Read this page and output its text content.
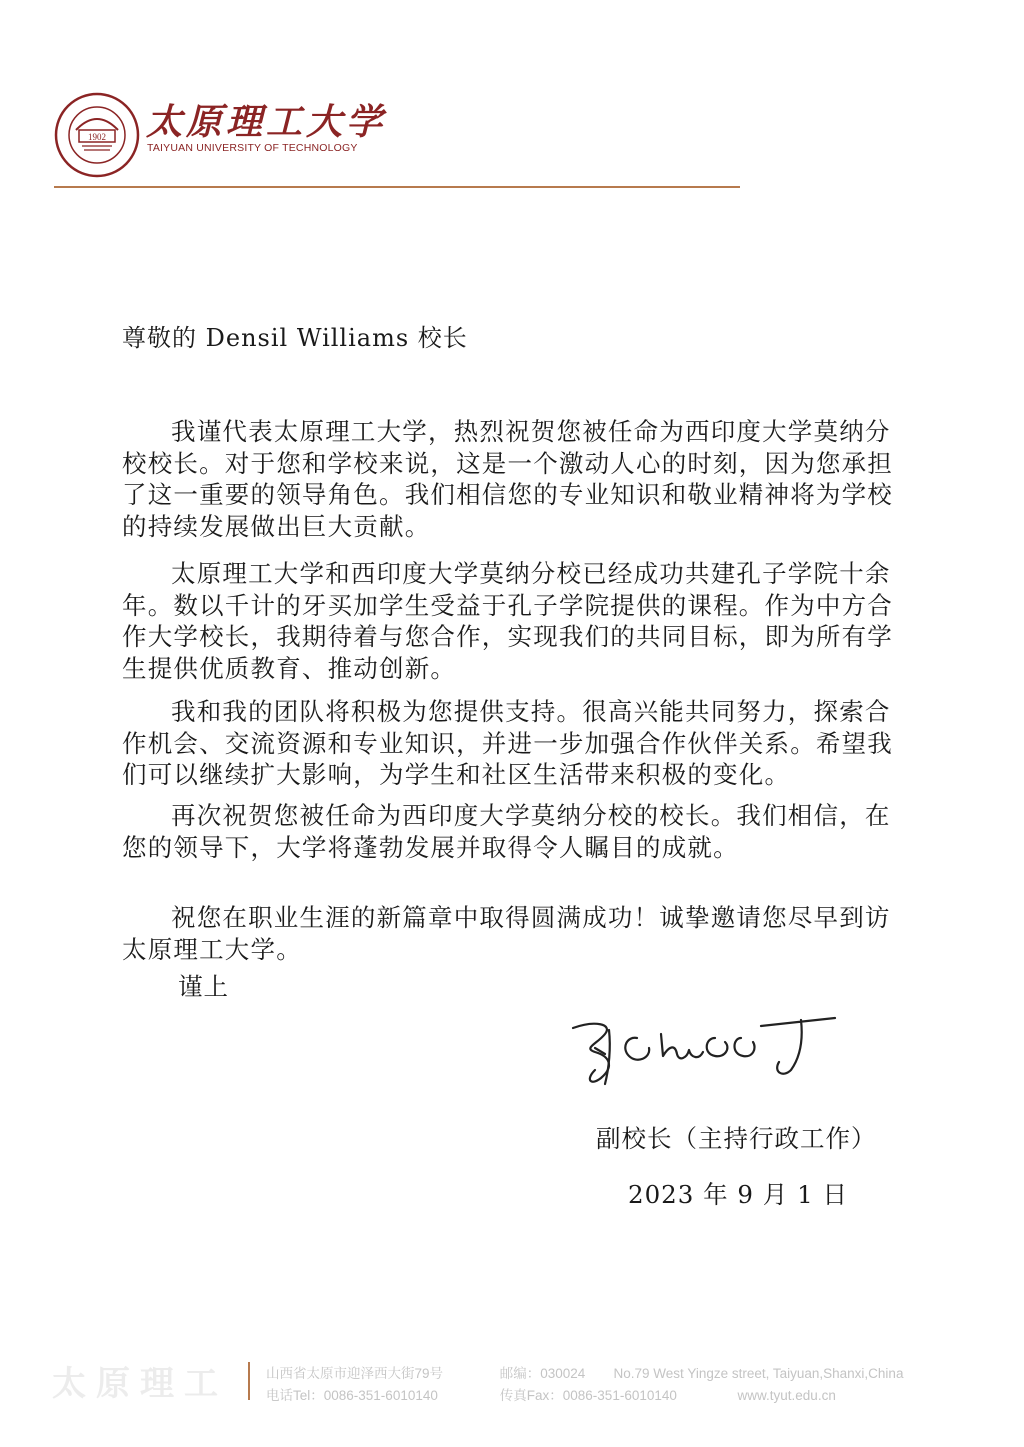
1902 太原理工大学
TAIYUAN UNIVERSITY OF TECHNOLOGY
尊敬的 Densil Williams 校长

我谨代表太原理工大学，热烈祝贺您被任命为西印度大学莫纳分校校长。对于您和学校来说，这是一个激动人心的时刻，因为您承担了这一重要的领导角色。我们相信您的专业知识和敬业精神将为学校的持续发展做出巨大贡献。

太原理工大学和西印度大学莫纳分校已经成功共建孔子学院十余年。数以千计的牙买加学生受益于孔子学院提供的课程。作为中方合作大学校长，我期待着与您合作，实现我们的共同目标，即为所有学生提供优质教育、推动创新。

我和我的团队将积极为您提供支持。很高兴能共同努力，探索合作机会、交流资源和专业知识，并进一步加强合作伙伴关系。希望我们可以继续扩大影响，为学生和社区生活带来积极的变化。

再次祝贺您被任命为西印度大学莫纳分校的校长。我们相信，在您的领导下，大学将蓬勃发展并取得令人瞩目的成就。

祝您在职业生涯的新篇章中取得圆满成功！诚挚邀请您尽早到访太原理工大学。

谨上
副校长（主持行政工作）
2023 年 9 月 1 日
太原理工	山西省太原市迎泽西大街79号	邮编：030024 No.79 West Yingze street, Taiyuan,Shanxi,China
电话Tel：0086-351-6010140	传真Fax：0086-351-6010140	www.tyut.edu.cn
